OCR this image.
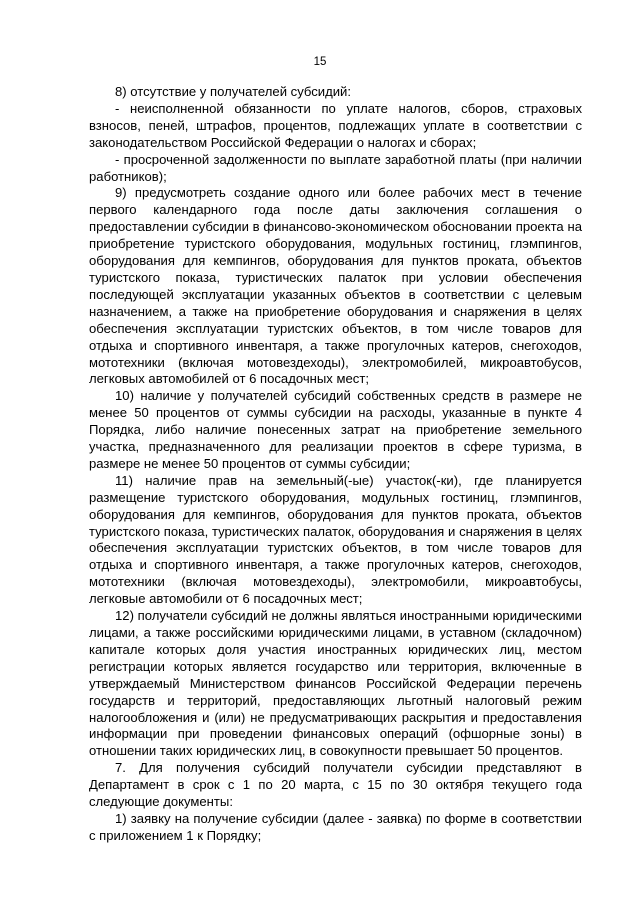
15

8) отсутствие у получателей субсидий:

- неисполненной обязанности по уплате налогов, сборов, страховых взносов, пеней, штрафов, процентов, подлежащих уплате в соответствии с законодательством Российской Федерации о налогах и сборах;

- просроченной задолженности по выплате заработной платы (при наличии работников);

9) предусмотреть создание одного или более рабочих мест в течение первого календарного года после даты заключения соглашения о предоставлении субсидии в финансово-экономическом обосновании проекта на приобретение туристского оборудования, модульных гостиниц, глэмпингов, оборудования для кемпингов, оборудования для пунктов проката, объектов туристского показа, туристических палаток при условии обеспечения последующей эксплуатации указанных объектов в соответствии с целевым назначением, а также на приобретение оборудования и снаряжения в целях обеспечения эксплуатации туристских объектов, в том числе товаров для отдыха и спортивного инвентаря, а также прогулочных катеров, снегоходов, мототехники (включая мотовездеходы), электромобилей, микроавтобусов, легковых автомобилей от 6 посадочных мест;

10) наличие у получателей субсидий собственных средств в размере не менее 50 процентов от суммы субсидии на расходы, указанные в пункте 4 Порядка, либо наличие понесенных затрат на приобретение земельного участка, предназначенного для реализации проектов в сфере туризма, в размере не менее 50 процентов от суммы субсидии;

11) наличие прав на земельный(-ые) участок(-ки), где планируется размещение туристского оборудования, модульных гостиниц, глэмпингов, оборудования для кемпингов, оборудования для пунктов проката, объектов туристского показа, туристических палаток, оборудования и снаряжения в целях обеспечения эксплуатации туристских объектов, в том числе товаров для отдыха и спортивного инвентаря, а также прогулочных катеров, снегоходов, мототехники (включая мотовездеходы), электромобили, микроавтобусы, легковые автомобили от 6 посадочных мест;

12) получатели субсидий не должны являться иностранными юридическими лицами, а также российскими юридическими лицами, в уставном (складочном) капитале которых доля участия иностранных юридических лиц, местом регистрации которых является государство или территория, включенные в утверждаемый Министерством финансов Российской Федерации перечень государств и территорий, предоставляющих льготный налоговый режим налогообложения и (или) не предусматривающих раскрытия и предоставления информации при проведении финансовых операций (офшорные зоны) в отношении таких юридических лиц, в совокупности превышает 50 процентов.

7. Для получения субсидий получатели субсидии представляют в Департамент в срок с 1 по 20 марта, с 15 по 30 октября текущего года следующие документы:

1) заявку на получение субсидии (далее - заявка) по форме в соответствии с приложением 1 к Порядку;
